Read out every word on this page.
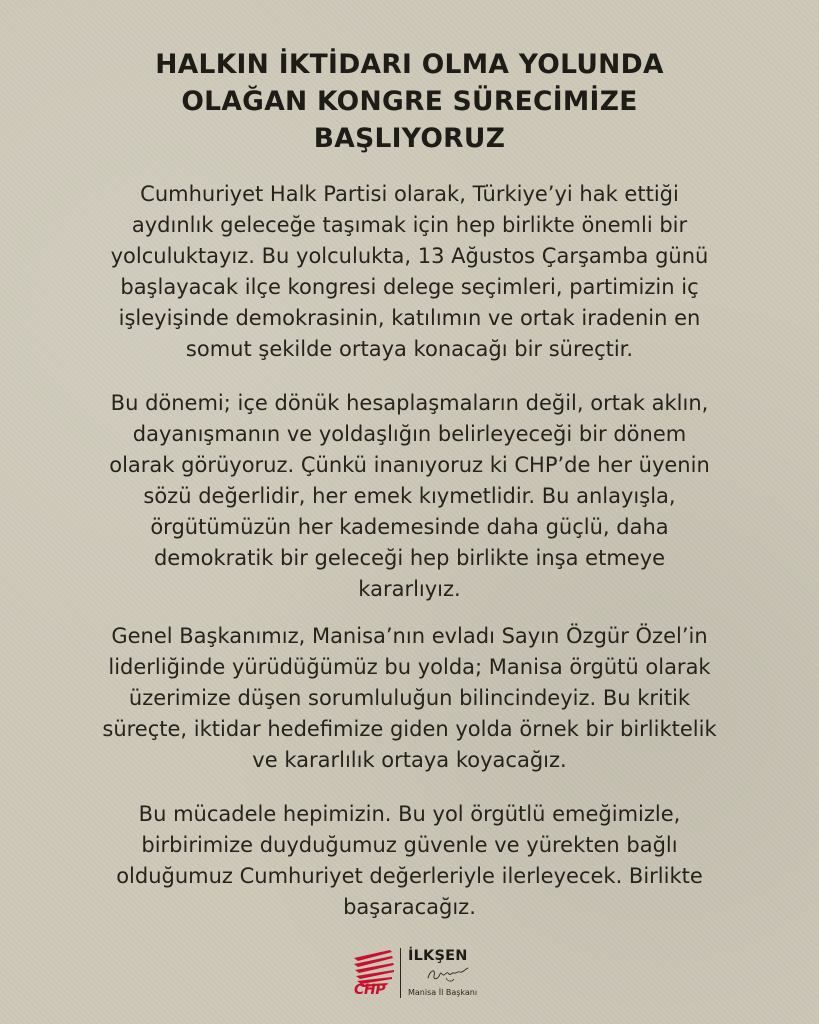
HALKIN İKTİDARI OLMA YOLUNDA
OLAĞAN KONGRE SÜRECİMİZE
BAŞLIYORUZ

Cumhuriyet Halk Partisi olarak, Türkiye’yi hak ettiği
aydınlık geleceğe taşımak için hep birlikte önemli bir
yolculuktayız. Bu yolculukta, 13 Ağustos Çarşamba günü
başlayacak ilçe kongresi delege seçimleri, partimizin iç
işleyişinde demokrasinin, katılımın ve ortak iradenin en
somut şekilde ortaya konacağı bir süreçtir.

Bu dönemi; içe dönük hesaplaşmaların değil, ortak aklın,
dayanışmanın ve yoldaşlığın belirleyeceği bir dönem
olarak görüyoruz. Çünkü inanıyoruz ki CHP’de her üyenin
sözü değerlidir, her emek kıymetlidir. Bu anlayışla,
örgütümüzün her kademesinde daha güçlü, daha
demokratik bir geleceği hep birlikte inşa etmeye
kararlıyız.

Genel Başkanımız, Manisa’nın evladı Sayın Özgür Özel’in
liderliğinde yürüdüğümüz bu yolda; Manisa örgütü olarak
üzerimize düşen sorumluluğun bilincindeyiz. Bu kritik
süreçte, iktidar hedefimize giden yolda örnek bir birliktelik
ve kararlılık ortaya koyacağız.

Bu mücadele hepimizin. Bu yol örgütlü emeğimizle,
birbirimize duyduğumuz güvenle ve yürekten bağlı
olduğumuz Cumhuriyet değerleriyle ilerleyecek. Birlikte
başaracağız.

CHP
İLKŞEN
Manisa İl Başkanı
